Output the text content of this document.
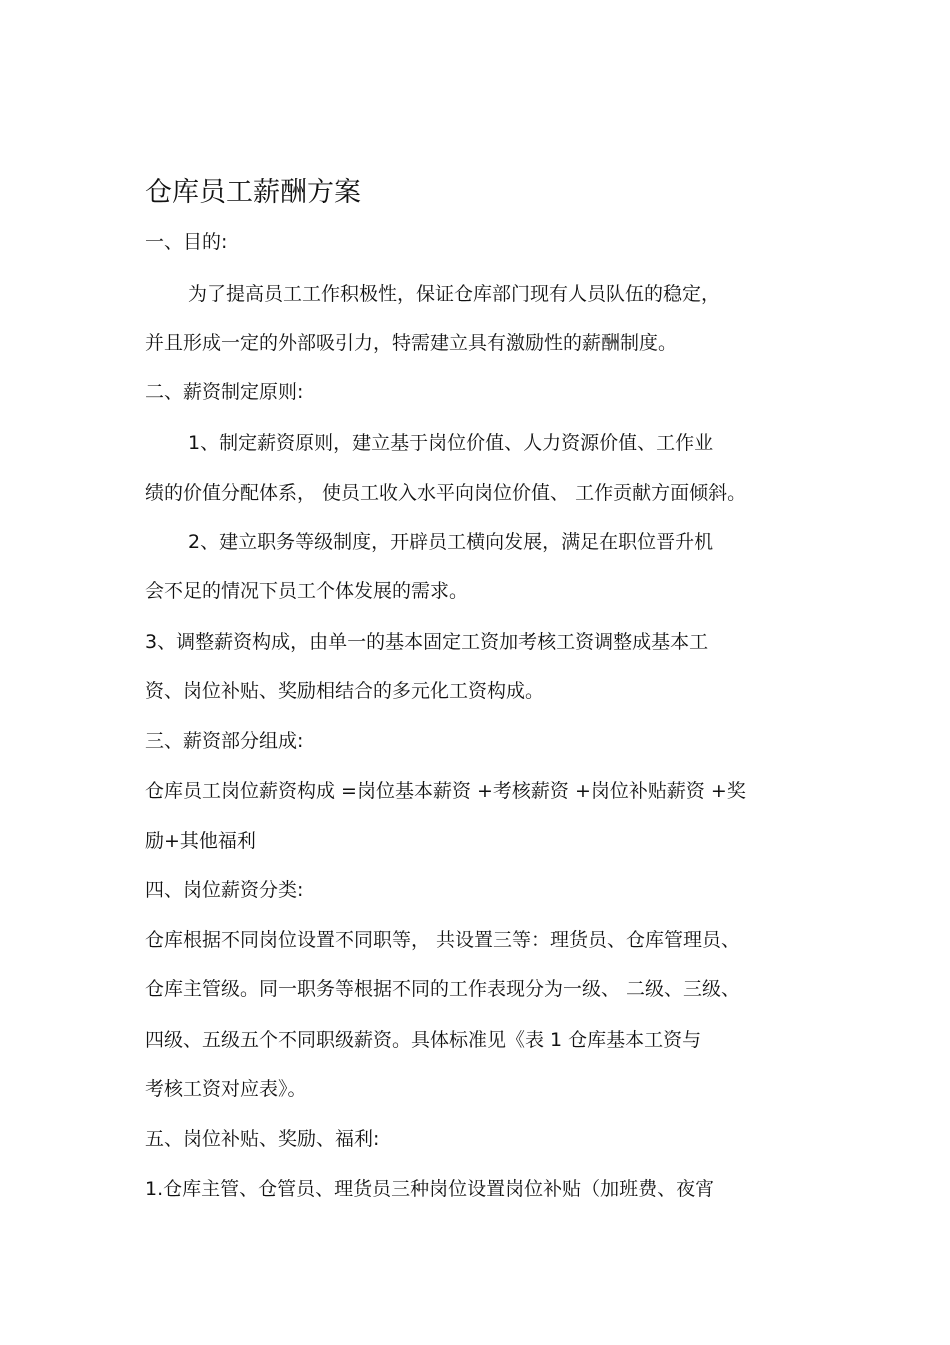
仓库员工薪酬方案
一、目的:
为了提高员工工作积极性，保证仓库部门现有人员队伍的稳定，
并且形成一定的外部吸引力，特需建立具有激励性的薪酬制度。
二、薪资制定原则:
1、制定薪资原则，建立基于岗位价值、人力资源价值、工作业
绩的价值分配体系， 使员工收入水平向岗位价值、 工作贡献方面倾斜。
2、建立职务等级制度，开辟员工横向发展，满足在职位晋升机
会不足的情况下员工个体发展的需求。
3、调整薪资构成，由单一的基本固定工资加考核工资调整成基本工
资、岗位补贴、奖励相结合的多元化工资构成。
三、薪资部分组成:
仓库员工岗位薪资构成 =岗位基本薪资 +考核薪资 +岗位补贴薪资 +奖
励+其他福利
四、岗位薪资分类:
仓库根据不同岗位设置不同职等， 共设置三等：理货员、仓库管理员、
仓库主管级。同一职务等根据不同的工作表现分为一级、 二级、三级、
四级、五级五个不同职级薪资。具体标准见《表 1 仓库基本工资与
考核工资对应表》。
五、岗位补贴、奖励、福利:
1.仓库主管、仓管员、理货员三种岗位设置岗位补贴（加班费、夜宵
